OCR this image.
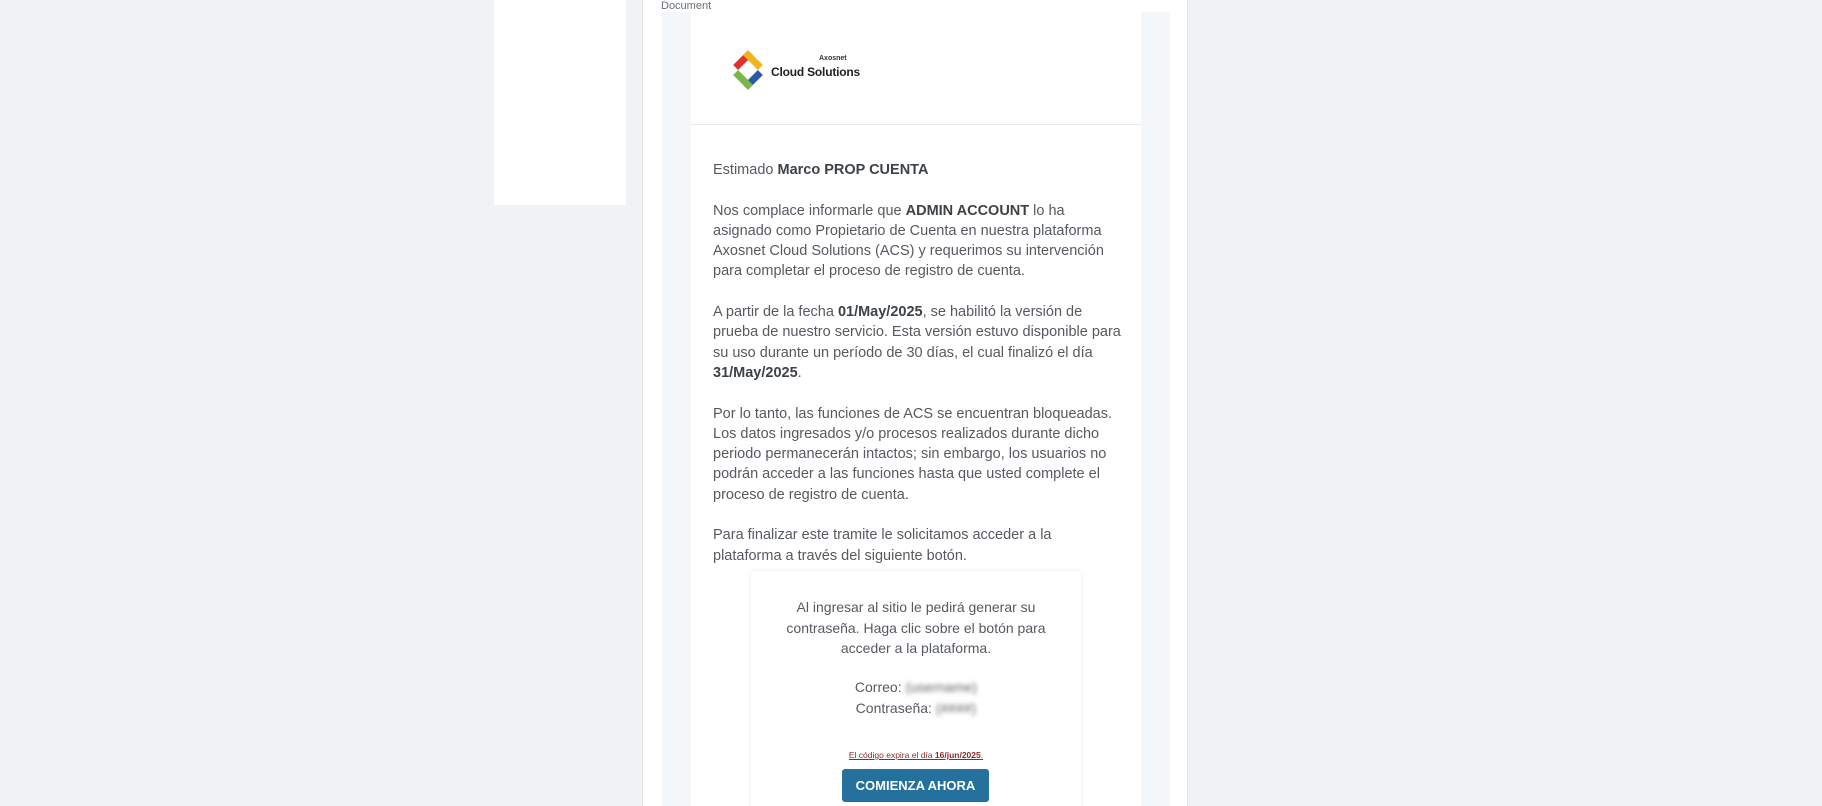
Document
Axosnet
Cloud Solutions

Estimado Marco PROP CUENTA

Nos complace informarle que ADMIN ACCOUNT lo ha asignado como Propietario de Cuenta en nuestra plataforma Axosnet Cloud Solutions (ACS) y requerimos su intervención para completar el proceso de registro de cuenta.

A partir de la fecha 01/May/2025, se habilitó la versión de prueba de nuestro servicio. Esta versión estuvo disponible para su uso durante un período de 30 días, el cual finalizó el día 31/May/2025.

Por lo tanto, las funciones de ACS se encuentran bloqueadas. Los datos ingresados y/o procesos realizados durante dicho periodo permanecerán intactos; sin embargo, los usuarios no podrán acceder a las funciones hasta que usted complete el proceso de registro de cuenta.

Para finalizar este tramite le solicitamos acceder a la plataforma a través del siguiente botón.

Al ingresar al sitio le pedirá generar su contraseña. Haga clic sobre el botón para acceder a la plataforma.
Correo: (username)
Contraseña: (####)
El código expira el día 16/jun/2025.
COMIENZA AHORA
